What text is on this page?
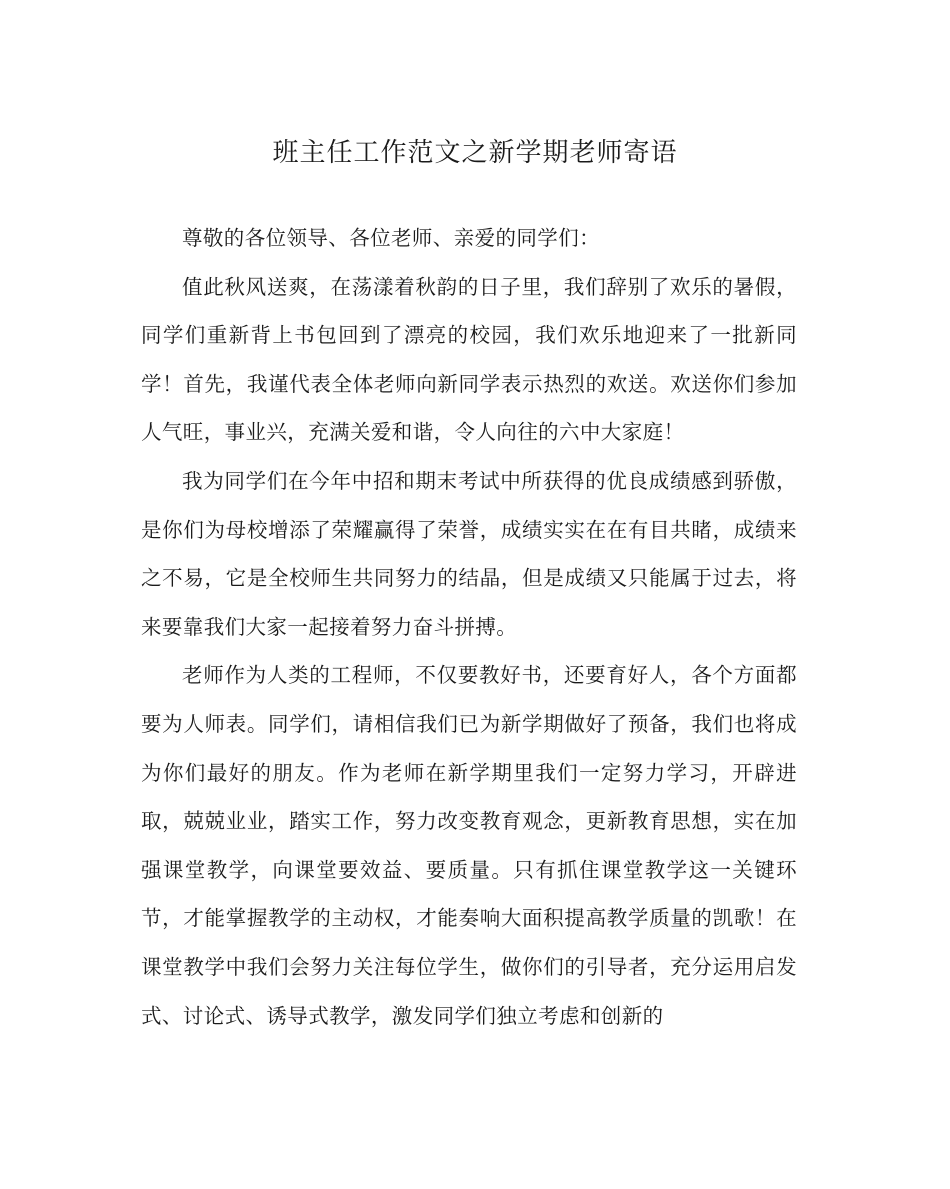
班主任工作范文之新学期老师寄语

尊敬的各位领导、各位老师、亲爱的同学们：

值此秋风送爽，在荡漾着秋韵的日子里，我们辞别了欢乐的暑假，同学们重新背上书包回到了漂亮的校园，我们欢乐地迎来了一批新同学！首先，我谨代表全体老师向新同学表示热烈的欢送。欢送你们参加人气旺，事业兴，充满关爱和谐，令人向往的六中大家庭！

我为同学们在今年中招和期末考试中所获得的优良成绩感到骄傲，是你们为母校增添了荣耀赢得了荣誉，成绩实实在在有目共睹，成绩来之不易，它是全校师生共同努力的结晶，但是成绩又只能属于过去，将来要靠我们大家一起接着努力奋斗拼搏。

老师作为人类的工程师，不仅要教好书，还要育好人，各个方面都要为人师表。同学们，请相信我们已为新学期做好了预备，我们也将成为你们最好的朋友。作为老师在新学期里我们一定努力学习，开辟进取，兢兢业业，踏实工作，努力改变教育观念，更新教育思想，实在加强课堂教学，向课堂要效益、要质量。只有抓住课堂教学这一关键环节，才能掌握教学的主动权，才能奏响大面积提高教学质量的凯歌！在课堂教学中我们会努力关注每位学生，做你们的引导者，充分运用启发式、讨论式、诱导式教学，激发同学们独立考虑和创新的
